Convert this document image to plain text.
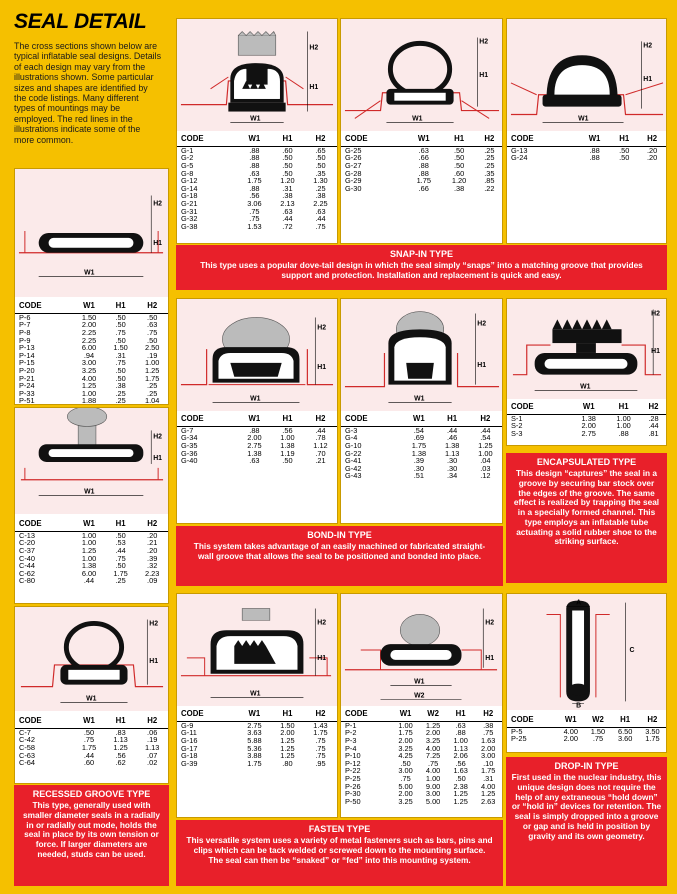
SEAL DETAIL
The cross sections shown below are typical inflatable seal designs. Details of each design may vary from the illustrations shown. Some particular sizes and shapes are identified by the code listings. Many different types of mountings may be employed. The red lines in the illustrations indicate some of the more common.
W1
H2
H1
CODE	W1	H1	H2
G-1	.88	.60	.65
G-2	.88	.50	.50
G-5	.88	.50	.50
G-8	.63	.50	.35
G-12	1.75	1.20	1.30
G-14	.88	.31	.25
G-18	.56	.38	.38
G-21	3.06	2.13	2.25
G-31	.75	.63	.63
G-32	.75	.44	.44
G-38	1.53	.72	.75
W1
H2
H1
CODE	W1	H1	H2
G-25	.63	.50	.25
G-26	.66	.50	.25
G-27	.88	.50	.25
G-28	.88	.60	.35
G-29	1.75	1.20	.85
G-30	.66	.38	.22
W1
H2
H1
CODE	W1	H1	H2
G-13	.88	.50	.20
G-24	.88	.50	.20
SNAP-IN TYPE
This type uses a popular dove-tail design in which the seal simply “snaps” into a matching groove that provides support and protection. Installation and replacement is quick and easy.
W1
H2
H1
CODE	W1	H1	H2
P-6	1.50	.50	.50
P-7	2.00	.50	.63
P-8	2.25	.75	.75
P-9	2.25	.50	.50
P-13	6.00	1.50	2.50
P-14	.94	.31	.19
P-15	3.00	.75	1.00
P-20	3.25	.50	1.25
P-21	4.00	.50	1.75
P-24	1.25	.38	.25
P-33	1.00	.25	.25
P-51	1.88	.25	1.04
W1
H2
H1
CODE	W1	H1	H2
C-13	1.00	.50	.20
C-20	1.00	.53	.21
C-37	1.25	.44	.20
C-40	1.00	.75	.39
C-44	1.38	.50	.32
C-62	6.00	1.75	2.23
C-80	.44	.25	.09
W1
H2
H1
CODE	W1	H1	H2
C-7	.50	.83	.06
C-42	.75	1.13	.19
C-58	1.75	1.25	1.13
C-63	.44	.56	.07
C-64	.60	.62	.02
RECESSED GROOVE TYPE
This type, generally used with smaller diameter seals in a radially in or radially out mode, holds the seal in place by its own tension or force. If larger diameters are needed, studs can be used.
W1
H2
H1
CODE	W1	H1	H2
G-7	.88	.56	.44
G-34	2.00	1.00	.78
G-35	2.75	1.38	1.12
G-36	1.38	1.19	.70
G-40	.63	.50	.21
W1
H2
H1
CODE	W1	H1	H2
G-3	.54	.44	.44
G-4	.69	.46	.54
G-10	1.75	1.38	1.25
G-22	1.38	1.13	1.00
G-41	.39	.30	.04
G-42	.30	.30	.03
G-43	.51	.34	.12
BOND-IN TYPE
This system takes advantage of an easily machined or fabricated straight-wall groove that allows the seal to be positioned and bonded into place.
W1
H2
H1
CODE	W1	H1	H2
S-1	1.38	1.00	.28
S-2	2.00	1.00	.44
S-3	2.75	.88	.81
ENCAPSULATED TYPE
This design “captures” the seal in a groove by securing bar stock over the edges of the groove. The same effect is realized by trapping the seal in a specially formed channel. This type employs an inflatable tube actuating a solid rubber shoe to the striking surface.
W1
H2
H1
CODE	W1	H1	H2
G-9	2.75	1.50	1.43
G-11	3.63	2.00	1.75
G-16	5.88	1.25	.75
G-17	5.36	1.25	.75
G-18	3.88	1.25	.75
G-39	1.75	.80	.95
W1
W2
H2
H1
CODE	W1	W2	H1	H2
P-1	1.00	1.25	.63	.38
P-2	1.75	2.00	.88	.75
P-3	2.00	3.25	1.00	1.63
P-4	3.25	4.00	1.13	2.00
P-10	4.25	7.25	2.06	3.00
P-12	.50	.75	.56	.10
P-22	3.00	4.00	1.63	1.75
P-25	.75	1.00	.50	.31
P-26	5.00	9.00	2.38	4.00
P-30	2.00	3.00	1.25	1.25
P-50	3.25	5.00	1.25	2.63
FASTEN TYPE
This versatile system uses a variety of metal fasteners such as bars, pins and clips which can be tack welded or screwed down to the mounting surface. The seal can then be “snaked” or “fed” into this mounting system.
A
B
C
CODE	W1	W2	H1	H2
P-5	4.00	1.50	6.50	3.50
P-25	2.00	.75	3.60	1.75
DROP-IN TYPE
First used in the nuclear industry, this unique design does not require the help of any extraneous “hold down” or “hold in” devices for retention. The seal is simply dropped into a groove or gap and is held in position by gravity and its own geometry.
